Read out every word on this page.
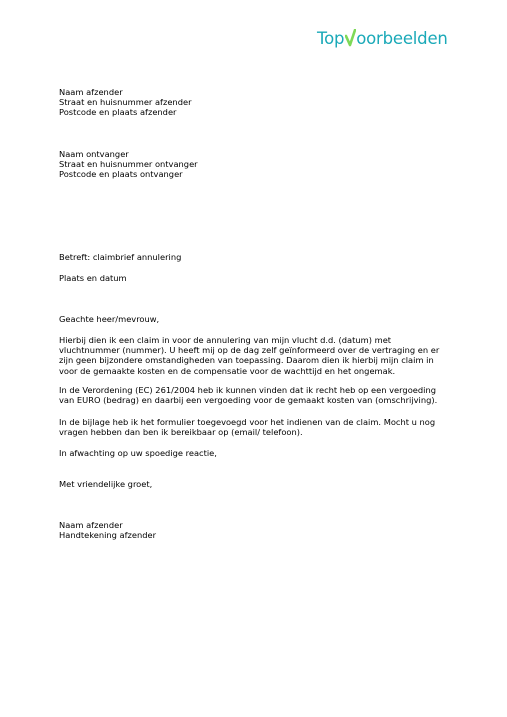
Top oorbeelden
Naam afzender
Straat en huisnummer afzender
Postcode en plaats afzender
Naam ontvanger
Straat en huisnummer ontvanger
Postcode en plaats ontvanger
Betreft: claimbrief annulering
Plaats en datum
Geachte heer/mevrouw,
Hierbij dien ik een claim in voor de annulering van mijn vlucht d.d. (datum) met
vluchtnummer (nummer). U heeft mij op de dag zelf geïnformeerd over de vertraging en er
zijn geen bijzondere omstandigheden van toepassing. Daarom dien ik hierbij mijn claim in
voor de gemaakte kosten en de compensatie voor de wachttijd en het ongemak.
In de Verordening (EC) 261/2004 heb ik kunnen vinden dat ik recht heb op een vergoeding
van EURO (bedrag) en daarbij een vergoeding voor de gemaakt kosten van (omschrijving).
In de bijlage heb ik het formulier toegevoegd voor het indienen van de claim. Mocht u nog
vragen hebben dan ben ik bereikbaar op (email/ telefoon).
In afwachting op uw spoedige reactie,
Met vriendelijke groet,
Naam afzender
Handtekening afzender
